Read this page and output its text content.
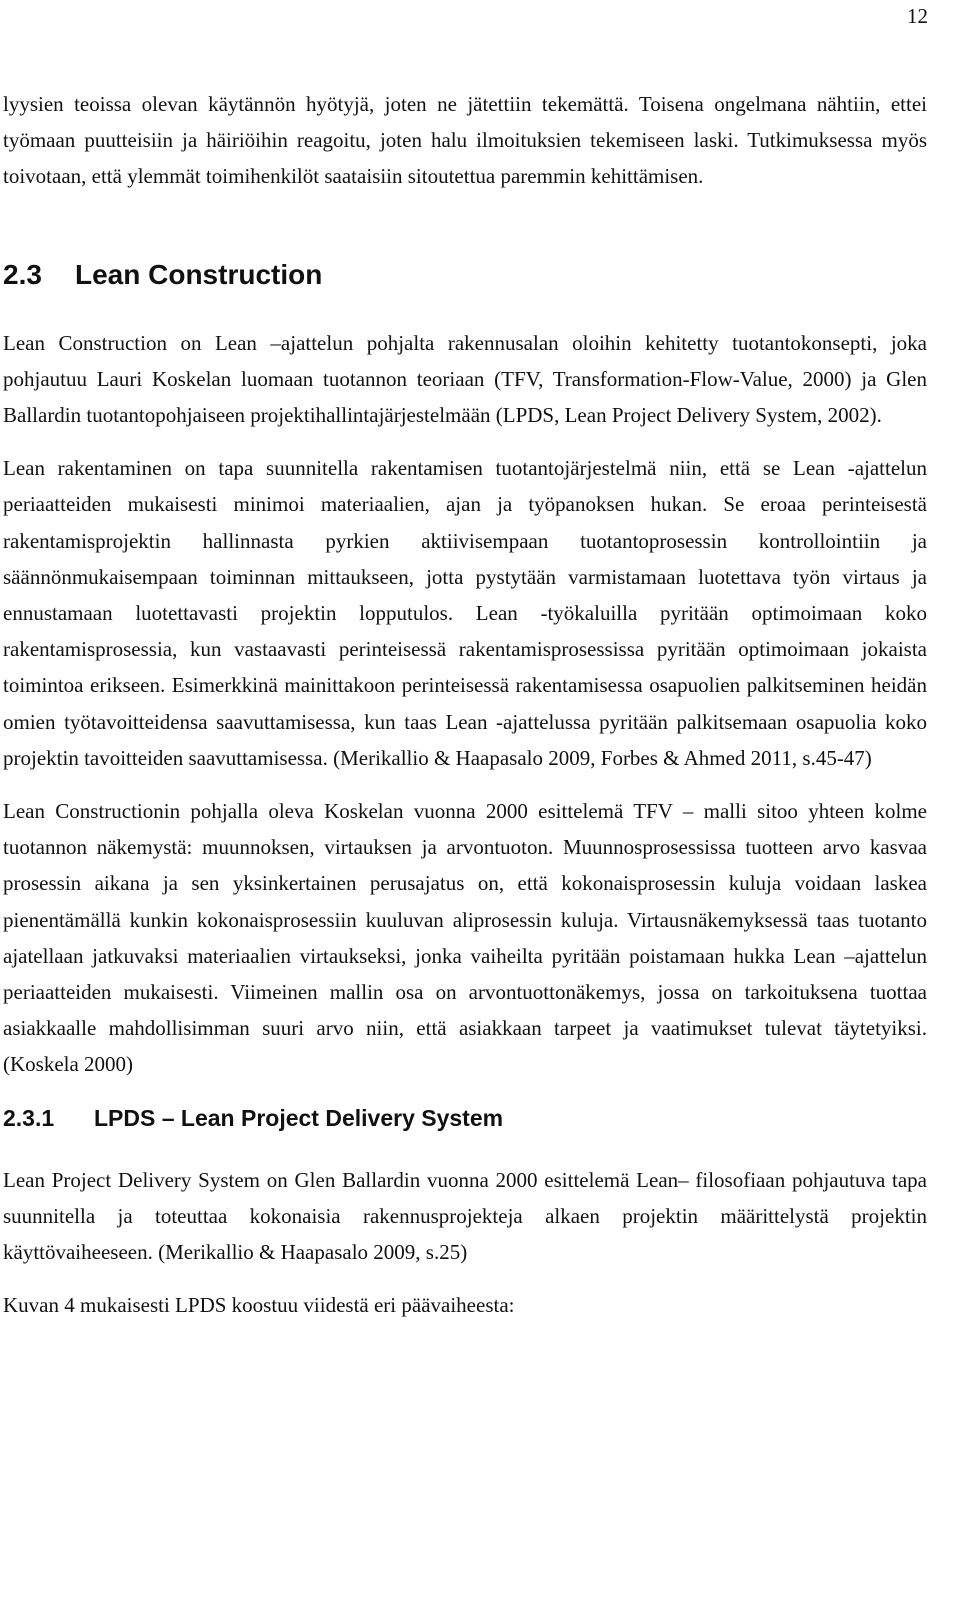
12

lyysien teoissa olevan käytännön hyötyjä, joten ne jätettiin tekemättä. Toisena ongelmana nähtiin, ettei työmaan puutteisiin ja häiriöihin reagoitu, joten halu ilmoituksien tekemiseen laski. Tutkimuksessa myös toivotaan, että ylemmät toimihenkilöt saataisiin sitoutettua paremmin kehittämisen.

2.3	Lean Construction

Lean Construction on Lean –ajattelun pohjalta rakennusalan oloihin kehitetty tuotantokonsepti, joka pohjautuu Lauri Koskelan luomaan tuotannon teoriaan (TFV, Transformation-Flow-Value, 2000) ja Glen Ballardin tuotantopohjaiseen projektihallintajärjestelmään (LPDS, Lean Project Delivery System, 2002).

Lean rakentaminen on tapa suunnitella rakentamisen tuotantojärjestelmä niin, että se Lean -ajattelun periaatteiden mukaisesti minimoi materiaalien, ajan ja työpanoksen hukan. Se eroaa perinteisestä rakentamisprojektin hallinnasta pyrkien aktiivisempaan tuotantoprosessin kontrollointiin ja säännönmukaisempaan toiminnan mittaukseen, jotta pystytään varmistamaan luotettava työn virtaus ja ennustamaan luotettavasti projektin lopputulos. Lean -työkaluilla pyritään optimoimaan koko rakentamisprosessia, kun vastaavasti perinteisessä rakentamisprosessissa pyritään optimoimaan jokaista toimintoa erikseen. Esimerkkinä mainittakoon perinteisessä rakentamisessa osapuolien palkitseminen heidän omien työtavoitteidensa saavuttamisessa, kun taas Lean -ajattelussa pyritään palkitsemaan osapuolia koko projektin tavoitteiden saavuttamisessa. (Merikallio & Haapasalo 2009, Forbes & Ahmed 2011, s.45-47)

Lean Constructionin pohjalla oleva Koskelan vuonna 2000 esittelemä TFV – malli sitoo yhteen kolme tuotannon näkemystä: muunnoksen, virtauksen ja arvontuoton. Muunnosprosessissa tuotteen arvo kasvaa prosessin aikana ja sen yksinkertainen perusajatus on, että kokonaisprosessin kuluja voidaan laskea pienentämällä kunkin kokonaisprosessiin kuuluvan aliprosessin kuluja. Virtausnäkemyksessä taas tuotanto ajatellaan jatkuvaksi materiaalien virtaukseksi, jonka vaiheilta pyritään poistamaan hukka Lean –ajattelun periaatteiden mukaisesti. Viimeinen mallin osa on arvontuottonäkemys, jossa on tarkoituksena tuottaa asiakkaalle mahdollisimman suuri arvo niin, että asiakkaan tarpeet ja vaatimukset tulevat täytetyiksi. (Koskela 2000)

2.3.1	LPDS – Lean Project Delivery System

Lean Project Delivery System on Glen Ballardin vuonna 2000 esittelemä Lean– filosofiaan pohjautuva tapa suunnitella ja toteuttaa kokonaisia rakennusprojekteja alkaen projektin määrittelystä projektin käyttövaiheeseen. (Merikallio & Haapasalo 2009, s.25)

Kuvan 4 mukaisesti LPDS koostuu viidestä eri päävaiheesta:
